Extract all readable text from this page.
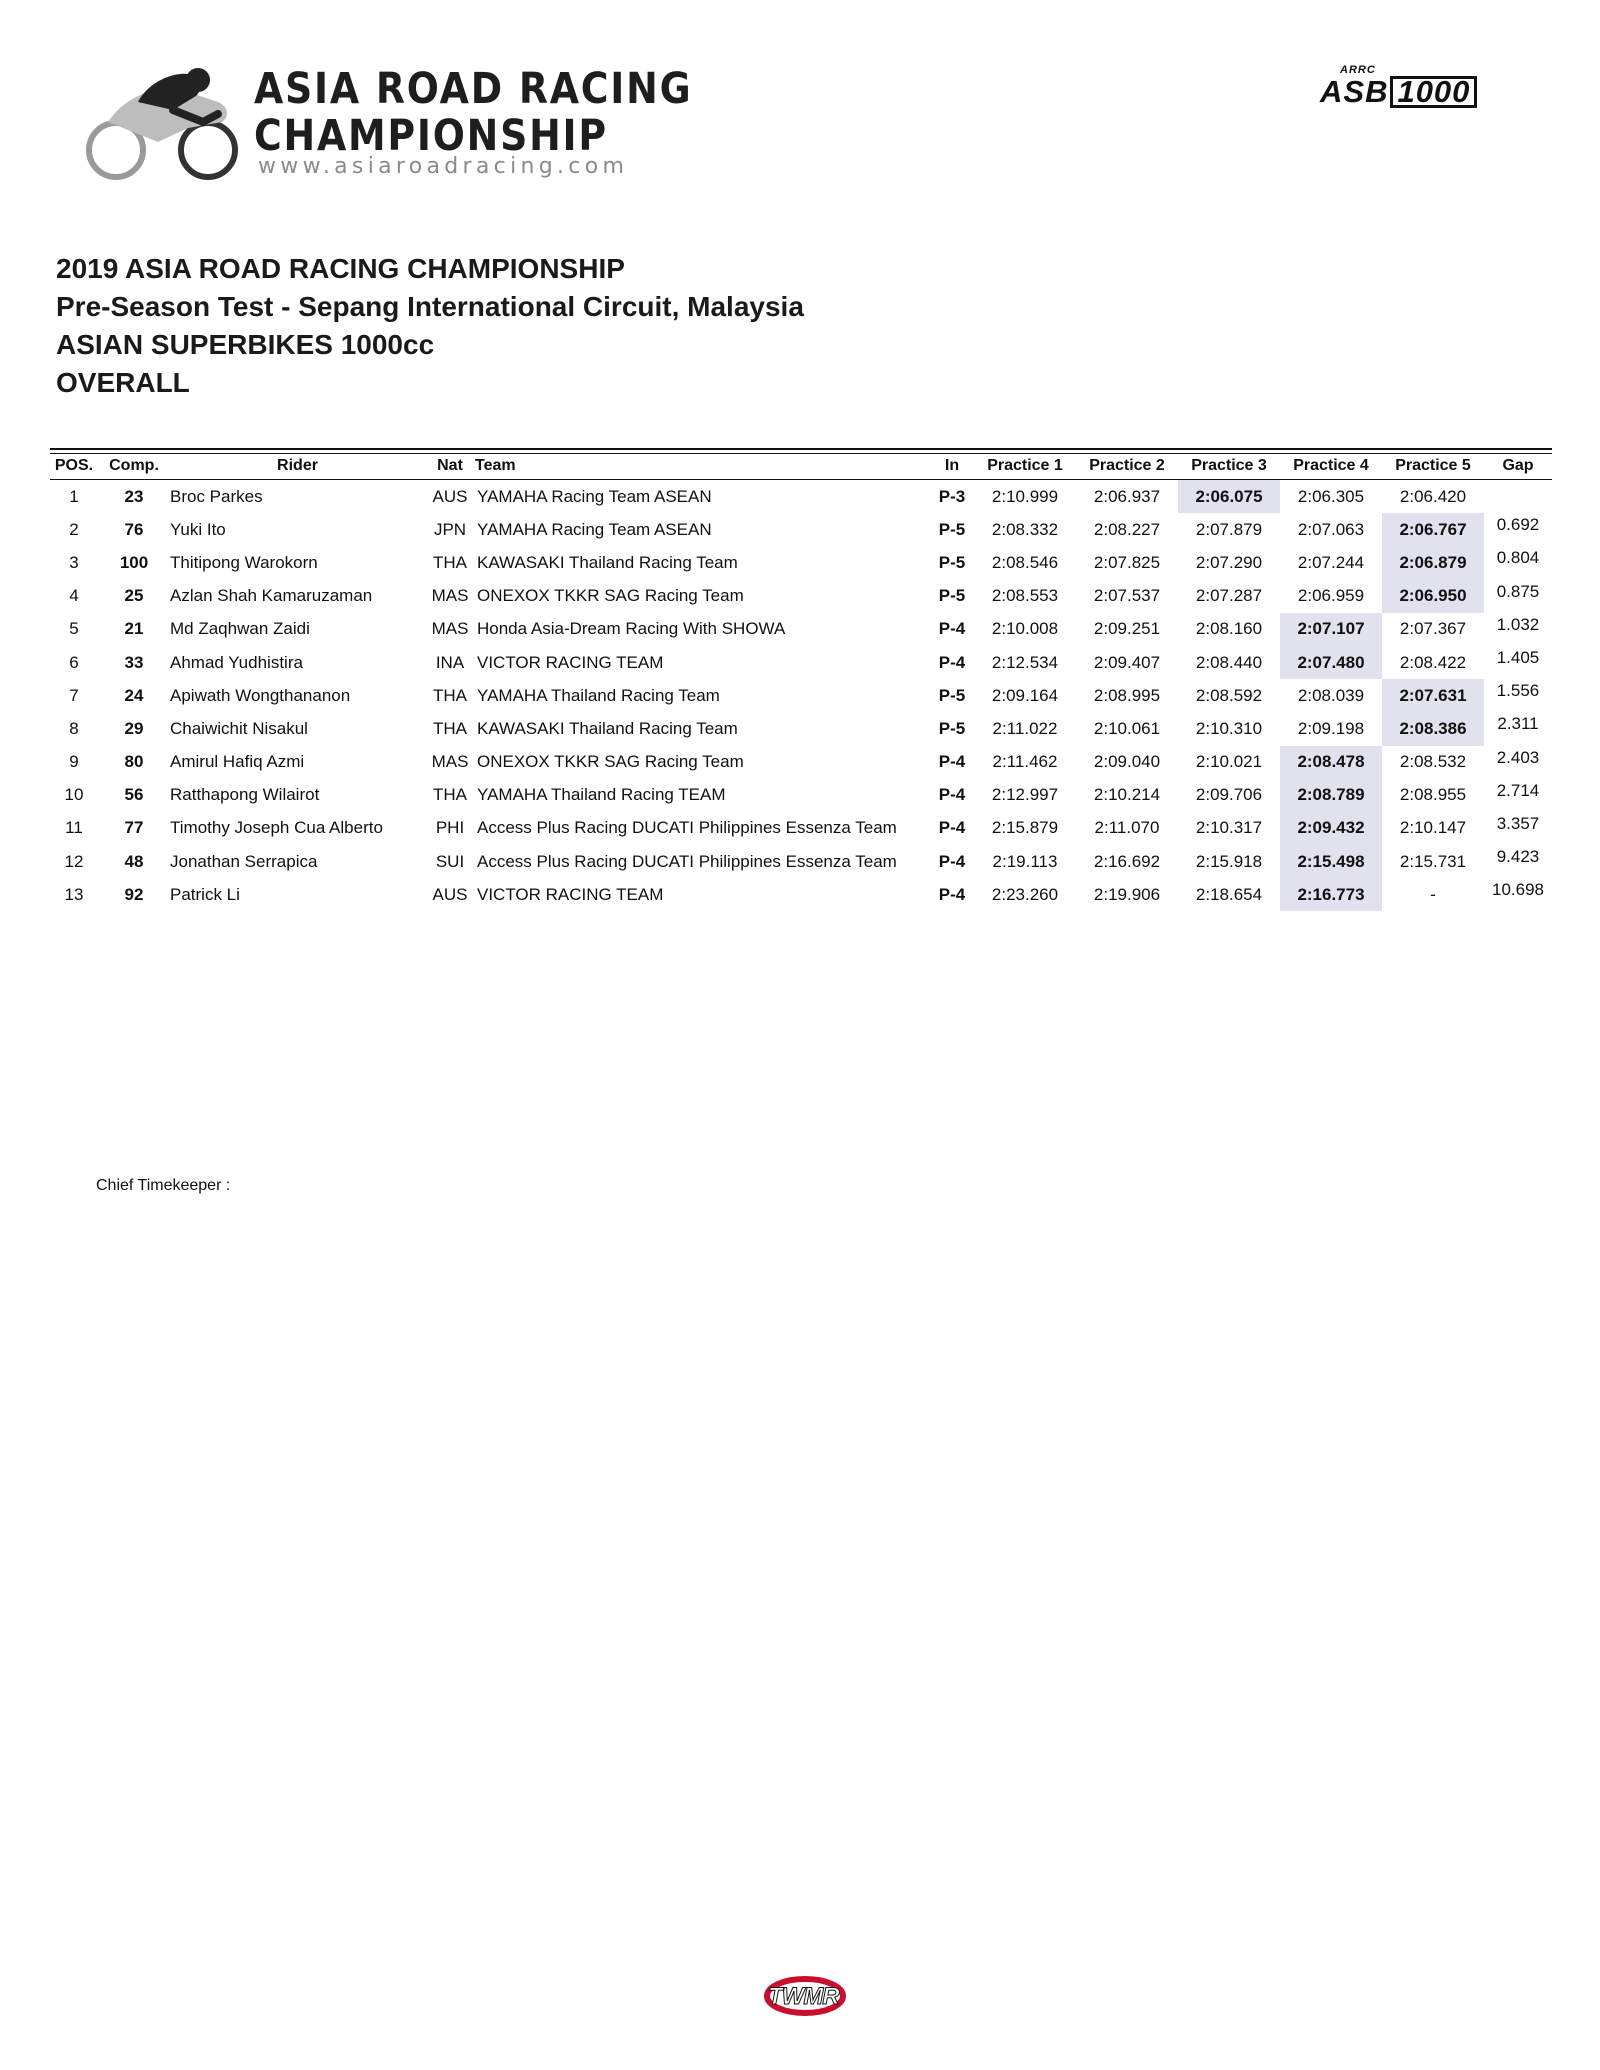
ASIA ROAD RACING
CHAMPIONSHIP

www.asiaroadracing.com

ARRC
ASB 1000
2019 ASIA ROAD RACING CHAMPIONSHIP
Pre-Season Test - Sepang International Circuit, Malaysia
ASIAN SUPERBIKES 1000cc
OVERALL
POS.	Comp.	Rider	Nat	Team	In	Practice 1	Practice 2	Practice 3	Practice 4	Practice 5	Gap

1	23	Broc Parkes	AUS	YAMAHA Racing Team ASEAN	P-3	2:10.999	2:06.937	2:06.075	2:06.305	2:06.420	
2	76	Yuki Ito	JPN	YAMAHA Racing Team ASEAN	P-5	2:08.332	2:08.227	2:07.879	2:07.063	2:06.767	0.692
3	100	Thitipong Warokorn	THA	KAWASAKI Thailand Racing Team	P-5	2:08.546	2:07.825	2:07.290	2:07.244	2:06.879	0.804
4	25	Azlan Shah Kamaruzaman	MAS	ONEXOX TKKR SAG Racing Team	P-5	2:08.553	2:07.537	2:07.287	2:06.959	2:06.950	0.875
5	21	Md Zaqhwan Zaidi	MAS	Honda Asia-Dream Racing With SHOWA	P-4	2:10.008	2:09.251	2:08.160	2:07.107	2:07.367	1.032
6	33	Ahmad Yudhistira	INA	VICTOR RACING TEAM	P-4	2:12.534	2:09.407	2:08.440	2:07.480	2:08.422	1.405
7	24	Apiwath Wongthananon	THA	YAMAHA Thailand Racing Team	P-5	2:09.164	2:08.995	2:08.592	2:08.039	2:07.631	1.556
8	29	Chaiwichit Nisakul	THA	KAWASAKI Thailand Racing Team	P-5	2:11.022	2:10.061	2:10.310	2:09.198	2:08.386	2.311
9	80	Amirul Hafiq Azmi	MAS	ONEXOX TKKR SAG Racing Team	P-4	2:11.462	2:09.040	2:10.021	2:08.478	2:08.532	2.403
10	56	Ratthapong Wilairot	THA	YAMAHA Thailand Racing TEAM	P-4	2:12.997	2:10.214	2:09.706	2:08.789	2:08.955	2.714
11	77	Timothy Joseph Cua Alberto	PHI	Access Plus Racing DUCATI Philippines Essenza Team	P-4	2:15.879	2:11.070	2:10.317	2:09.432	2:10.147	3.357
12	48	Jonathan Serrapica	SUI	Access Plus Racing DUCATI Philippines Essenza Team	P-4	2:19.113	2:16.692	2:15.918	2:15.498	2:15.731	9.423
13	92	Patrick Li	AUS	VICTOR RACING TEAM	P-4	2:23.260	2:19.906	2:18.654	2:16.773	-	10.698
Chief Timekeeper :
TWMR
